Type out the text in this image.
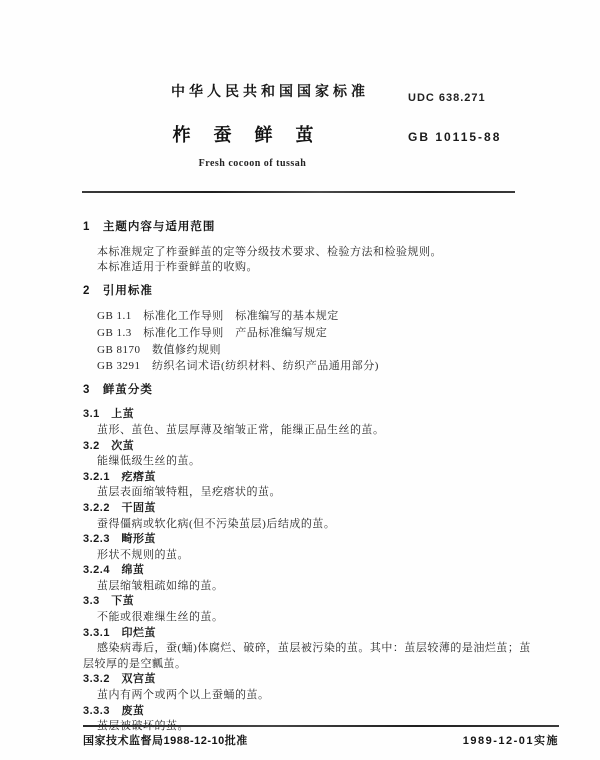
中华人民共和国国家标准	UDC 638.271
柞 蚕 鲜 茧	GB 10115-88
Fresh cocoon of tussah
1　主题内容与适用范围
本标准规定了柞蚕鲜茧的定等分级技术要求、检验方法和检验规则。
本标准适用于柞蚕鲜茧的收购。
2　引用标准
GB 1.1　标准化工作导则　标准编写的基本规定
GB 1.3　标准化工作导则　产品标准编写规定
GB 8170　数值修约规则
GB 3291　纺织名词术语(纺织材料、纺织产品通用部分)
3　鲜茧分类
3.1　上茧
茧形、茧色、茧层厚薄及缩皱正常，能缫正品生丝的茧。
3.2　次茧
能缫低级生丝的茧。
3.2.1　疙瘩茧
茧层表面缩皱特粗，呈疙瘩状的茧。
3.2.2　干固茧
蚕得僵病或软化病(但不污染茧层)后结成的茧。
3.2.3　畸形茧
形状不规则的茧。
3.2.4　绵茧
茧层缩皱粗疏如绵的茧。
3.3　下茧
不能或很难缫生丝的茧。
3.3.1　印烂茧
感染病毒后，蚕(蛹)体腐烂、破碎，茧层被污染的茧。其中：茧层较薄的是油烂茧；茧层较厚的是空瓤茧。
3.3.2　双宫茧
茧内有两个或两个以上蚕蛹的茧。
3.3.3　废茧
国家技术监督局1988-12-10批准	1989-12-01实施
